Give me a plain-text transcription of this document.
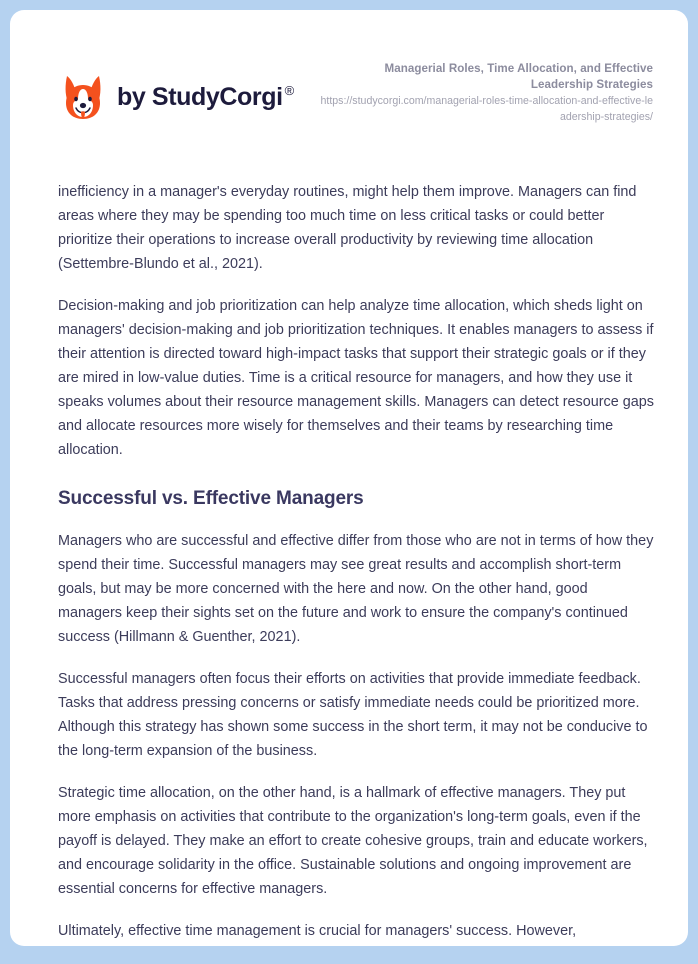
by StudyCorgi ®
Managerial Roles, Time Allocation, and Effective Leadership Strategies
https://studycorgi.com/managerial-roles-time-allocation-and-effective-leadership-strategies/

inefficiency in a manager's everyday routines, might help them improve. Managers can find areas where they may be spending too much time on less critical tasks or could better prioritize their operations to increase overall productivity by reviewing time allocation (Settembre-Blundo et al., 2021).

Decision-making and job prioritization can help analyze time allocation, which sheds light on managers' decision-making and job prioritization techniques. It enables managers to assess if their attention is directed toward high-impact tasks that support their strategic goals or if they are mired in low-value duties. Time is a critical resource for managers, and how they use it speaks volumes about their resource management skills. Managers can detect resource gaps and allocate resources more wisely for themselves and their teams by researching time allocation.

Successful vs. Effective Managers

Managers who are successful and effective differ from those who are not in terms of how they spend their time. Successful managers may see great results and accomplish short-term goals, but may be more concerned with the here and now. On the other hand, good managers keep their sights set on the future and work to ensure the company's continued success (Hillmann & Guenther, 2021).

Successful managers often focus their efforts on activities that provide immediate feedback. Tasks that address pressing concerns or satisfy immediate needs could be prioritized more. Although this strategy has shown some success in the short term, it may not be conducive to the long-term expansion of the business.

Strategic time allocation, on the other hand, is a hallmark of effective managers. They put more emphasis on activities that contribute to the organization's long-term goals, even if the payoff is delayed. They make an effort to create cohesive groups, train and educate workers, and encourage solidarity in the office. Sustainable solutions and ongoing improvement are essential concerns for effective managers.

Ultimately, effective time management is crucial for managers' success. However,
